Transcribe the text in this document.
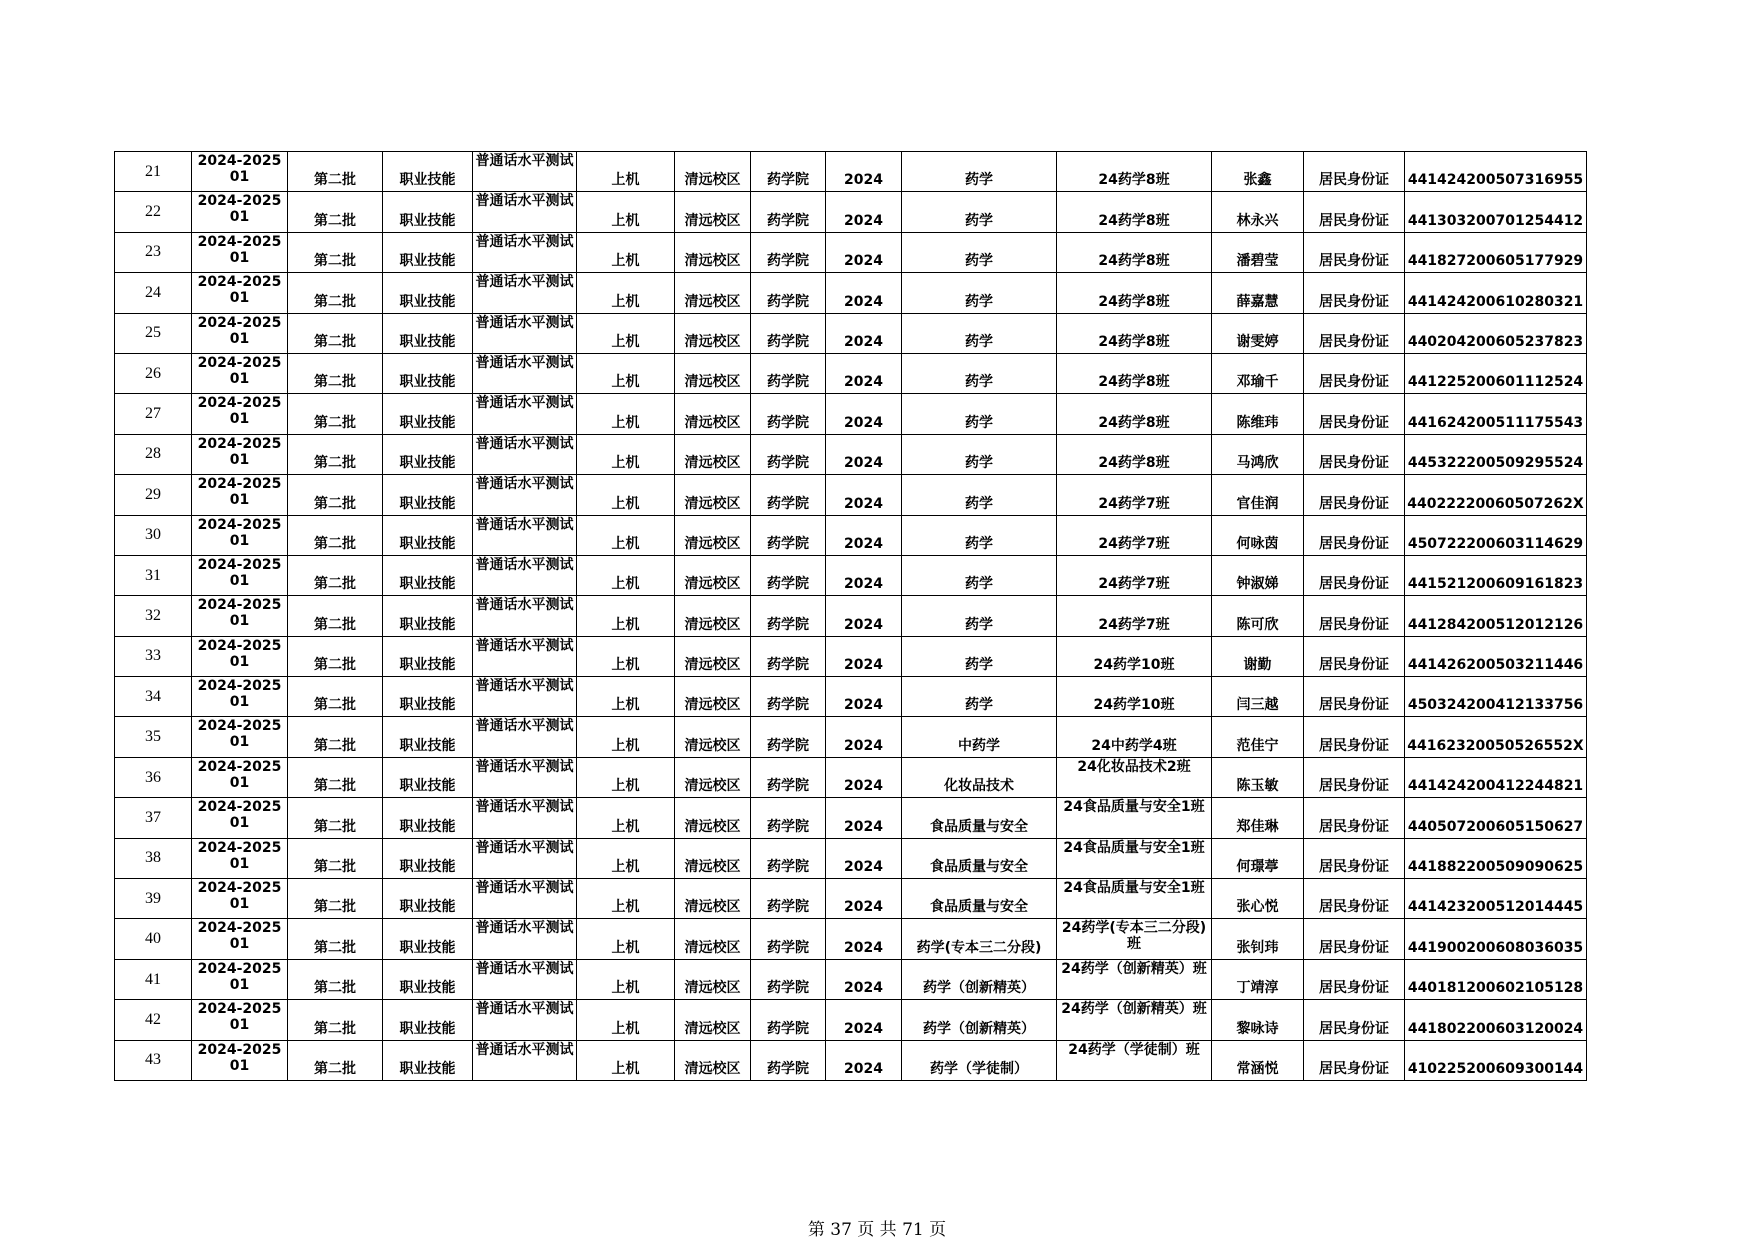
21	2024-202501	第二批	职业技能	普通话水平测试	上机	清远校区	药学院	2024	药学	24药学8班	张鑫	居民身份证	441424200507316955
22	2024-202501	第二批	职业技能	普通话水平测试	上机	清远校区	药学院	2024	药学	24药学8班	林永兴	居民身份证	441303200701254412
23	2024-202501	第二批	职业技能	普通话水平测试	上机	清远校区	药学院	2024	药学	24药学8班	潘碧莹	居民身份证	441827200605177929
24	2024-202501	第二批	职业技能	普通话水平测试	上机	清远校区	药学院	2024	药学	24药学8班	薛嘉慧	居民身份证	441424200610280321
25	2024-202501	第二批	职业技能	普通话水平测试	上机	清远校区	药学院	2024	药学	24药学8班	谢雯婷	居民身份证	440204200605237823
26	2024-202501	第二批	职业技能	普通话水平测试	上机	清远校区	药学院	2024	药学	24药学8班	邓瑜千	居民身份证	441225200601112524
27	2024-202501	第二批	职业技能	普通话水平测试	上机	清远校区	药学院	2024	药学	24药学8班	陈维玮	居民身份证	441624200511175543
28	2024-202501	第二批	职业技能	普通话水平测试	上机	清远校区	药学院	2024	药学	24药学8班	马鸿欣	居民身份证	445322200509295524
29	2024-202501	第二批	职业技能	普通话水平测试	上机	清远校区	药学院	2024	药学	24药学7班	官佳润	居民身份证	44022220060507262X
30	2024-202501	第二批	职业技能	普通话水平测试	上机	清远校区	药学院	2024	药学	24药学7班	何咏茵	居民身份证	450722200603114629
31	2024-202501	第二批	职业技能	普通话水平测试	上机	清远校区	药学院	2024	药学	24药学7班	钟淑娣	居民身份证	441521200609161823
32	2024-202501	第二批	职业技能	普通话水平测试	上机	清远校区	药学院	2024	药学	24药学7班	陈可欣	居民身份证	441284200512012126
33	2024-202501	第二批	职业技能	普通话水平测试	上机	清远校区	药学院	2024	药学	24药学10班	谢勤	居民身份证	441426200503211446
34	2024-202501	第二批	职业技能	普通话水平测试	上机	清远校区	药学院	2024	药学	24药学10班	闫三越	居民身份证	450324200412133756
35	2024-202501	第二批	职业技能	普通话水平测试	上机	清远校区	药学院	2024	中药学	24中药学4班	范佳宁	居民身份证	44162320050526552X
36	2024-202501	第二批	职业技能	普通话水平测试	上机	清远校区	药学院	2024	化妆品技术	24化妆品技术2班	陈玉敏	居民身份证	441424200412244821
37	2024-202501	第二批	职业技能	普通话水平测试	上机	清远校区	药学院	2024	食品质量与安全	24食品质量与安全1班	郑佳琳	居民身份证	440507200605150627
38	2024-202501	第二批	职业技能	普通话水平测试	上机	清远校区	药学院	2024	食品质量与安全	24食品质量与安全1班	何璟葶	居民身份证	441882200509090625
39	2024-202501	第二批	职业技能	普通话水平测试	上机	清远校区	药学院	2024	食品质量与安全	24食品质量与安全1班	张心悦	居民身份证	441423200512014445
40	2024-202501	第二批	职业技能	普通话水平测试	上机	清远校区	药学院	2024	药学(专本三二分段)	24药学(专本三二分段)班	张钊玮	居民身份证	441900200608036035
41	2024-202501	第二批	职业技能	普通话水平测试	上机	清远校区	药学院	2024	药学（创新精英）	24药学（创新精英）班	丁靖淳	居民身份证	440181200602105128
42	2024-202501	第二批	职业技能	普通话水平测试	上机	清远校区	药学院	2024	药学（创新精英）	24药学（创新精英）班	黎咏诗	居民身份证	441802200603120024
43	2024-202501	第二批	职业技能	普通话水平测试	上机	清远校区	药学院	2024	药学（学徒制）	24药学（学徒制）班	常涵悦	居民身份证	410225200609300144
第 37 页 共 71 页
